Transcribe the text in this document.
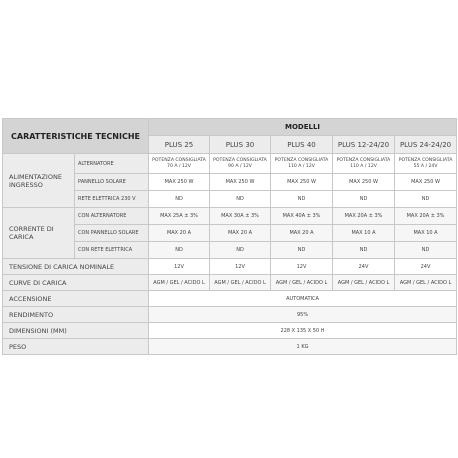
CARATTERISTICHE TECNICHE		MODELLI				
		PLUS 25	PLUS 30	PLUS 40	PLUS 12-24/20	PLUS 24-24/20
ALIMENTAZIONE INGRESSO	ALTERNATORE	POTENZA CONSIGLIATA 70 A / 12V	POTENZA CONSIGLIATA 90 A / 12V	POTENZA CONSIGLIATA 110 A / 12V	POTENZA CONSIGLIATA 110 A / 12V	POTENZA CONSIGLIATA 55 A / 24V
	PANNELLO SOLARE	MAX 250 W	MAX 250 W	MAX 250 W	MAX 250 W	MAX 250 W
	RETE ELETTRICA 230 V	ND	ND	ND	ND	ND
CORRENTE DI CARICA	CON ALTERNATORE	MAX 25A ± 3%	MAX 30A ± 3%	MAX 40A ± 3%	MAX 20A ± 3%	MAX 20A ± 3%
	CON PANNELLO SOLARE	MAX 20 A	MAX 20 A	MAX 20 A	MAX 10 A	MAX 10 A
	CON RETE ELETTRICA	ND	ND	ND	ND	ND
TENSIONE DI CARICA NOMINALE		12V	12V	12V	24V	24V
CURVE DI CARICA		AGM / GEL / ACIDO L	AGM / GEL / ACIDO L	AGM / GEL / ACIDO L	AGM / GEL / ACIDO L	AGM / GEL / ACIDO L
ACCENSIONE		AUTOMATICA				
RENDIMENTO		95%				
DIMENSIONI (MM)		228 X 135 X 50 H				
PESO		1 KG				
